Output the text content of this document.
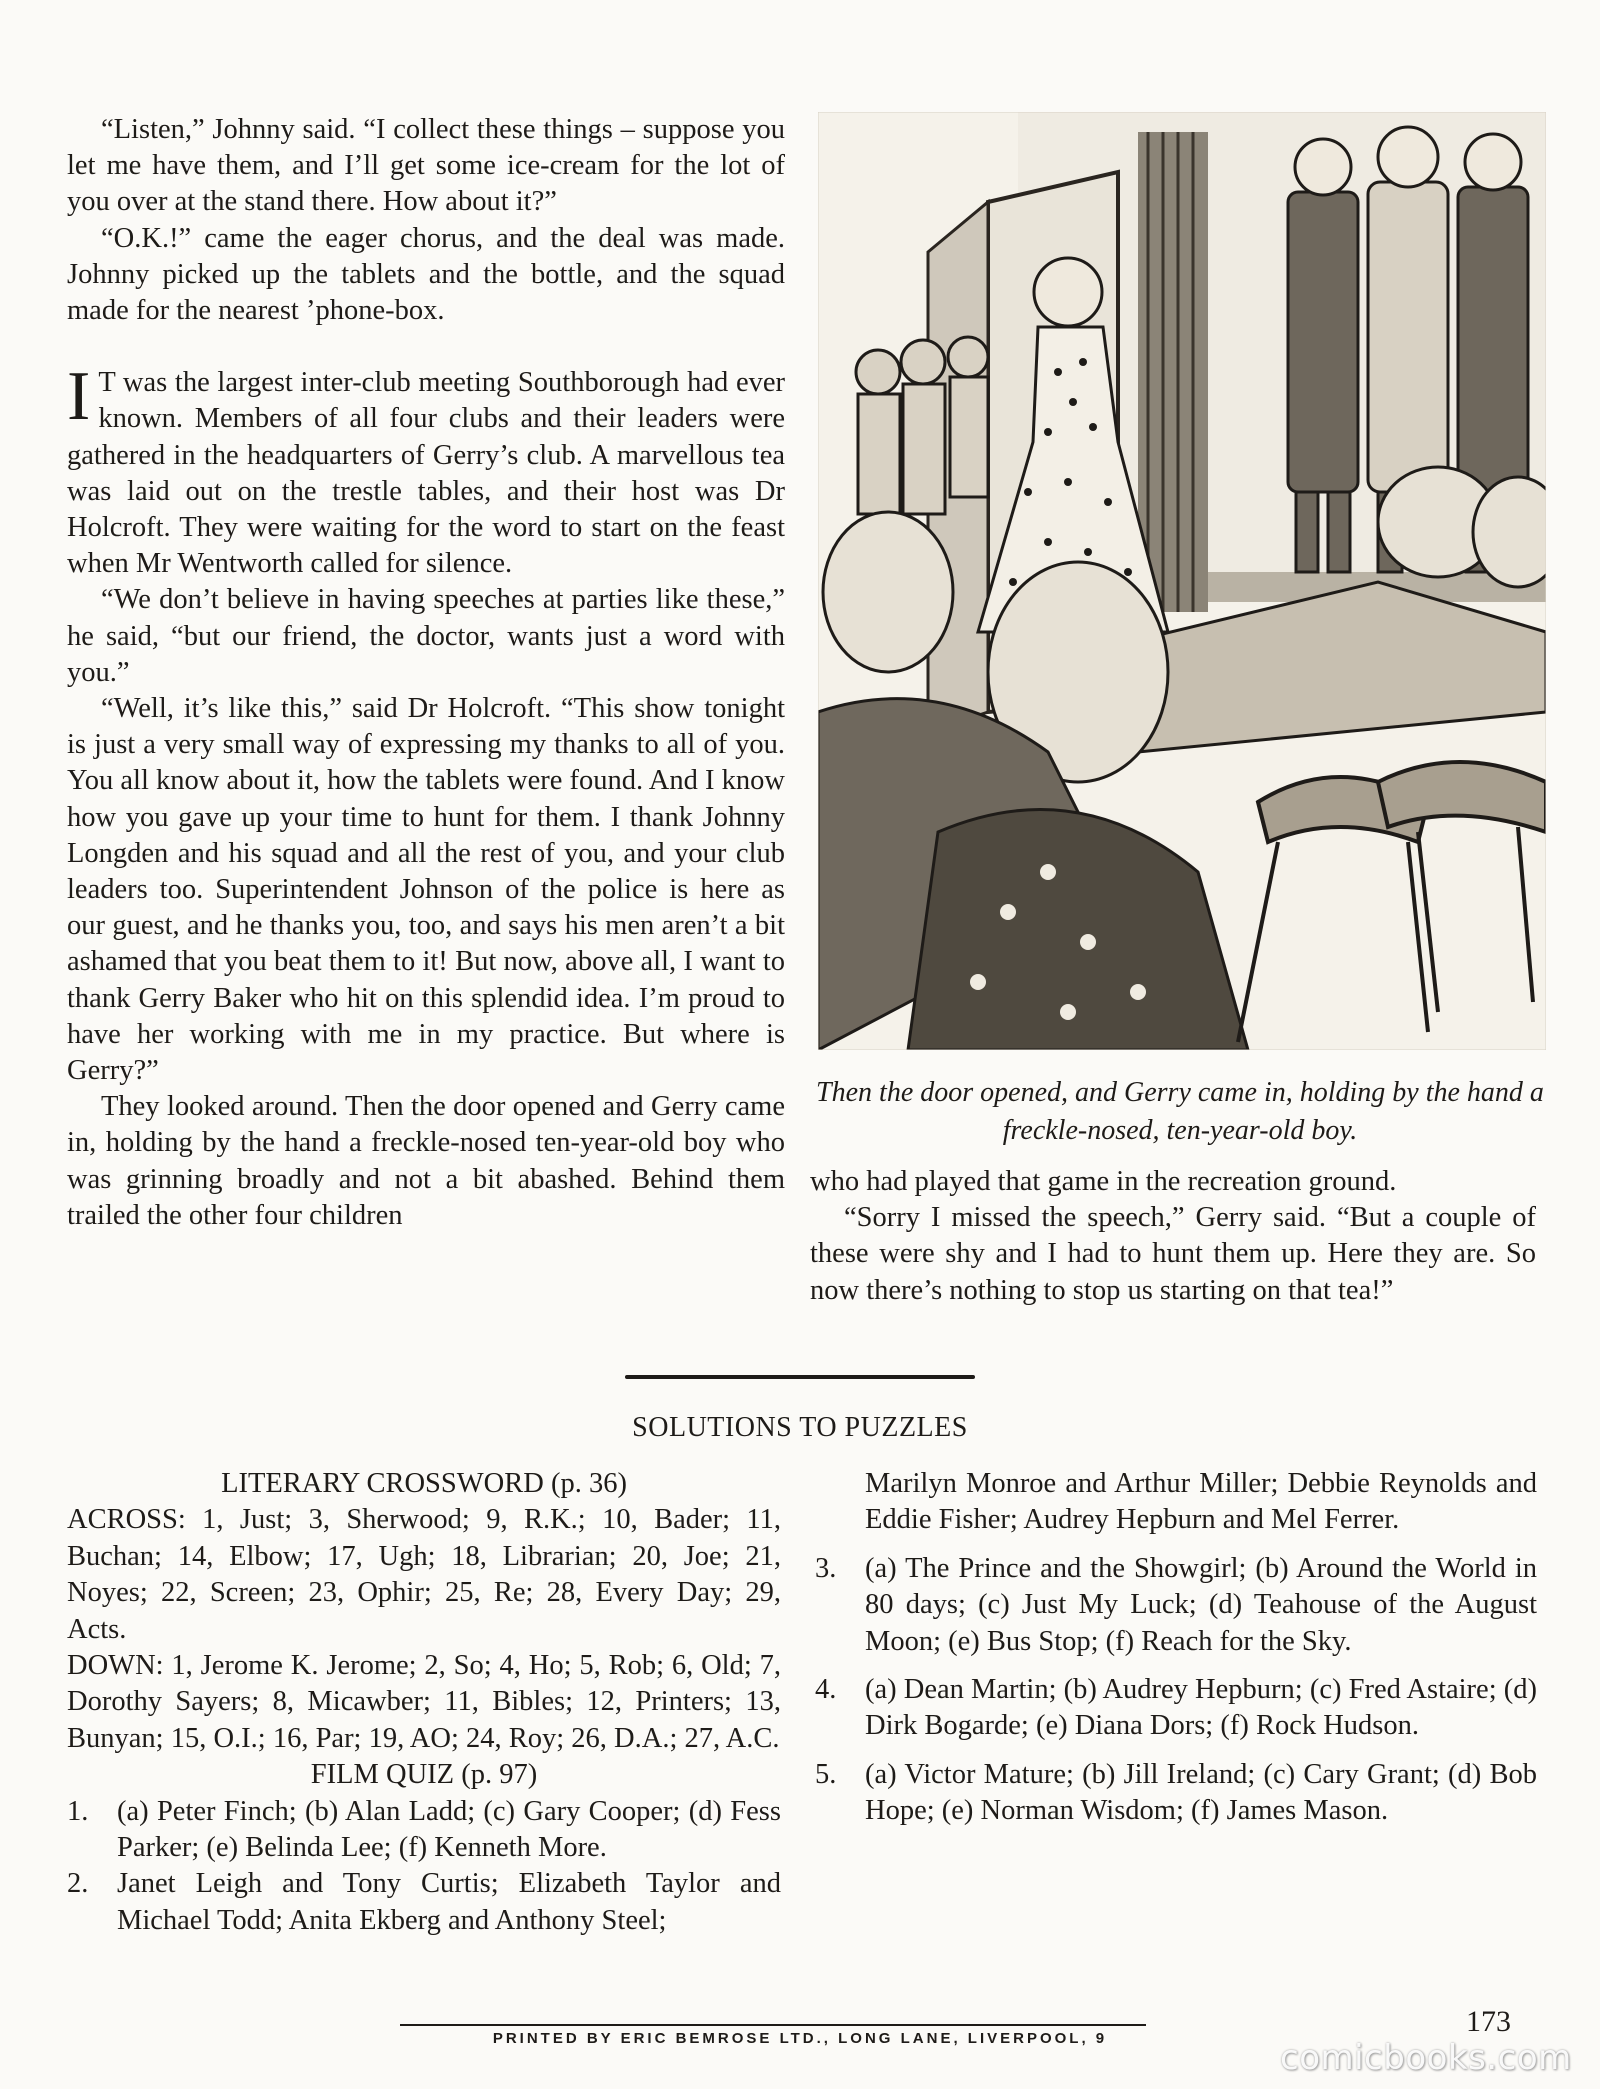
“Listen,” Johnny said. “I collect these things – suppose you let me have them, and I’ll get some ice-cream for the lot of you over at the stand there. How about it?”

“O.K.!” came the eager chorus, and the deal was made. Johnny picked up the tablets and the bottle, and the squad made for the nearest ’phone-box.

I T was the largest inter-club meeting Southborough had ever known. Members of all four clubs and their leaders were gathered in the headquarters of Gerry’s club. A marvellous tea was laid out on the trestle tables, and their host was Dr Holcroft. They were waiting for the word to start on the feast when Mr Wentworth called for silence.

“We don’t believe in having speeches at parties like these,” he said, “but our friend, the doctor, wants just a word with you.”

“Well, it’s like this,” said Dr Holcroft. “This show tonight is just a very small way of expressing my thanks to all of you. You all know about it, how the tablets were found. And I know how you gave up your time to hunt for them. I thank Johnny Longden and his squad and all the rest of you, and your club leaders too. Superintendent Johnson of the police is here as our guest, and he thanks you, too, and says his men aren’t a bit ashamed that you beat them to it! But now, above all, I want to thank Gerry Baker who hit on this splendid idea. I’m proud to have her working with me in my practice. But where is Gerry?”

They looked around. Then the door opened and Gerry came in, holding by the hand a freckle-nosed ten-year-old boy who was grinning broadly and not a bit abashed. Behind them trailed the other four children

Then the door opened, and Gerry came in, holding by the hand a freckle-nosed, ten-year-old boy.

who had played that game in the recreation ground.

“Sorry I missed the speech,” Gerry said. “But a couple of these were shy and I had to hunt them up. Here they are. So now there’s nothing to stop us starting on that tea!”

SOLUTIONS TO PUZZLES

LITERARY CROSSWORD (p. 36)

ACROSS: 1, Just; 3, Sherwood; 9, R.K.; 10, Bader; 11, Buchan; 14, Elbow; 17, Ugh; 18, Librarian; 20, Joe; 21, Noyes; 22, Screen; 23, Ophir; 25, Re; 28, Every Day; 29, Acts.

DOWN: 1, Jerome K. Jerome; 2, So; 4, Ho; 5, Rob; 6, Old; 7, Dorothy Sayers; 8, Micawber; 11, Bibles; 12, Printers; 13, Bunyan; 15, O.I.; 16, Par; 19, AO; 24, Roy; 26, D.A.; 27, A.C.

FILM QUIZ (p. 97)

1.	(a) Peter Finch; (b) Alan Ladd; (c) Gary Cooper; (d) Fess Parker; (e) Belinda Lee; (f) Kenneth More.
2.	Janet Leigh and Tony Curtis; Elizabeth Taylor and Michael Todd; Anita Ekberg and Anthony Steel;

Marilyn Monroe and Arthur Miller; Debbie Reynolds and Eddie Fisher; Audrey Hepburn and Mel Ferrer.

3.	(a) The Prince and the Showgirl; (b) Around the World in 80 days; (c) Just My Luck; (d) Teahouse of the August Moon; (e) Bus Stop; (f) Reach for the Sky.
4.	(a) Dean Martin; (b) Audrey Hepburn; (c) Fred Astaire; (d) Dirk Bogarde; (e) Diana Dors; (f) Rock Hudson.
5.	(a) Victor Mature; (b) Jill Ireland; (c) Cary Grant; (d) Bob Hope; (e) Norman Wisdom; (f) James Mason.
PRINTED BY ERIC BEMROSE LTD., LONG LANE, LIVERPOOL, 9
173
comicbooks.com
